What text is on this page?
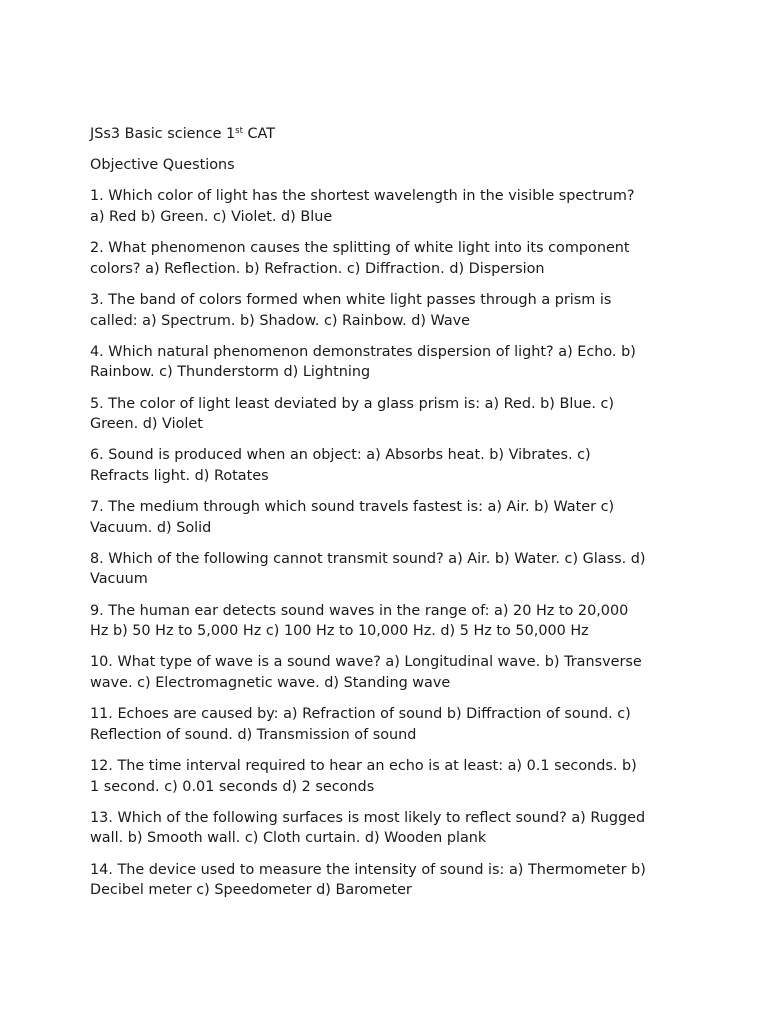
JSs3 Basic science 1st CAT

Objective Questions

1. Which color of light has the shortest wavelength in the visible spectrum?
a) Red b) Green. c) Violet. d) Blue

2. What phenomenon causes the splitting of white light into its component
colors? a) Reflection. b) Refraction. c) Diffraction. d) Dispersion

3. The band of colors formed when white light passes through a prism is
called: a) Spectrum. b) Shadow. c) Rainbow. d) Wave

4. Which natural phenomenon demonstrates dispersion of light? a) Echo. b)
Rainbow. c) Thunderstorm d) Lightning

5. The color of light least deviated by a glass prism is: a) Red. b) Blue. c)
Green. d) Violet

6. Sound is produced when an object: a) Absorbs heat. b) Vibrates. c)
Refracts light. d) Rotates

7. The medium through which sound travels fastest is: a) Air. b) Water c)
Vacuum. d) Solid

8. Which of the following cannot transmit sound? a) Air. b) Water. c) Glass. d)
Vacuum

9. The human ear detects sound waves in the range of: a) 20 Hz to 20,000
Hz b) 50 Hz to 5,000 Hz c) 100 Hz to 10,000 Hz. d) 5 Hz to 50,000 Hz

10. What type of wave is a sound wave? a) Longitudinal wave. b) Transverse
wave. c) Electromagnetic wave. d) Standing wave

11. Echoes are caused by: a) Refraction of sound b) Diffraction of sound. c)
Reflection of sound. d) Transmission of sound

12. The time interval required to hear an echo is at least: a) 0.1 seconds. b)
1 second. c) 0.01 seconds d) 2 seconds

13. Which of the following surfaces is most likely to reflect sound? a) Rugged
wall. b) Smooth wall. c) Cloth curtain. d) Wooden plank

14. The device used to measure the intensity of sound is: a) Thermometer b)
Decibel meter c) Speedometer d) Barometer
